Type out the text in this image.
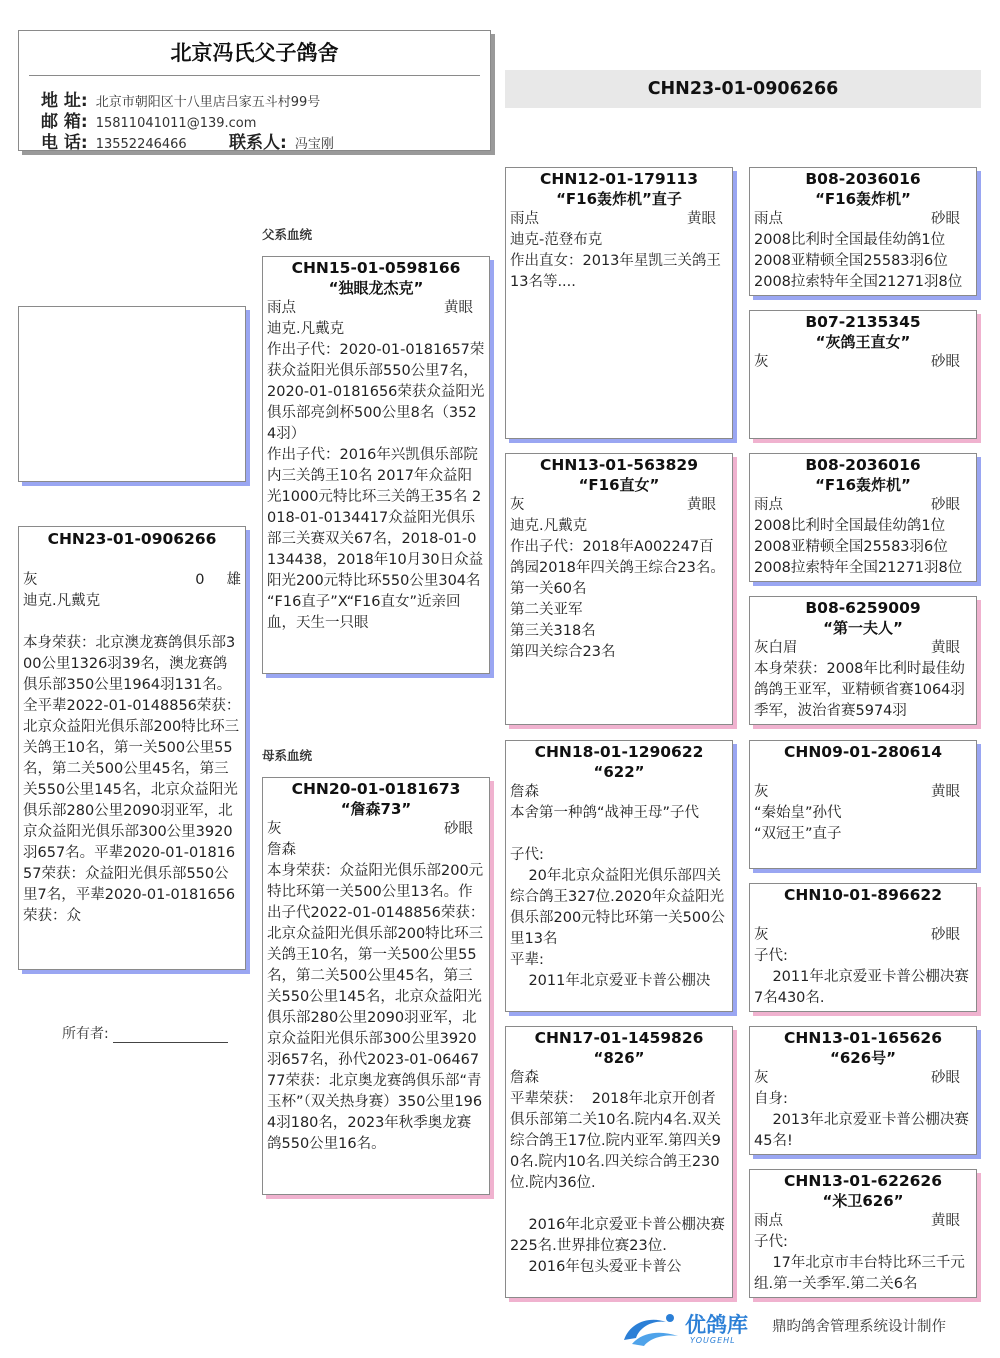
北京冯氏父子鸽舍
地 址: 北京市朝阳区十八里店吕家五斗村99号
邮 箱: 15811041011@139.com
电 话: 13552246466 联系人: 冯宝刚
CHN23-01-0906266
CHN23-01-0906266
灰	0 雄
迪克.凡戴克

本身荣获：北京澳龙赛鸽俱乐部300公里1326羽39名，澳龙赛鸽俱乐部350公里1964羽131名。
全平辈2022-01-0148856荣获：北京众益阳光俱乐部200特比环三关鸽王10名，第一关500公里55名，第二关500公里45名，第三关550公里145名，北京众益阳光俱乐部280公里2090羽亚军，北京众益阳光俱乐部300公里3920羽657名。平辈2020-01-0181657荣获：众益阳光俱乐部550公里7名，平辈2020-01-0181656荣获：众
父系血统
母系血统
所有者:
CHN15-01-0598166
“独眼龙杰克”
雨点	黄眼
迪克.凡戴克
作出子代：2020-01-0181657荣获众益阳光俱乐部550公里7名，2020-01-0181656荣获众益阳光俱乐部亮剑杯500公里8名（3524羽）
作出子代：2016年兴凯俱乐部院内三关鸽王10名 2017年众益阳光1000元特比环三关鸽王35名 2018-01-0134417众益阳光俱乐部三关赛双关67名，2018-01-0134438，2018年10月30日众益阳光200元特比环550公里304名
“F16直子”X“F16直女”近亲回血，天生一只眼
CHN20-01-0181673
“詹森73”
灰	砂眼
詹森
本身荣获：众益阳光俱乐部200元特比环第一关500公里13名。作出子代2022-01-0148856荣获：北京众益阳光俱乐部200特比环三关鸽王10名，第一关500公里55名，第二关500公里45名，第三关550公里145名，北京众益阳光俱乐部280公里2090羽亚军，北京众益阳光俱乐部300公里3920羽657名，孙代2023-01-0646777荣获：北京奥龙赛鸽俱乐部“青玉杯”（双关热身赛）350公里1964羽180名，2023年秋季奥龙赛鸽550公里16名。
CHN12-01-179113
“F16轰炸机”直子
雨点	黄眼
迪克-范登布克
作出直女：2013年星凯三关鸽王13名等....
CHN13-01-563829
“F16直女”
灰	黄眼
迪克.凡戴克
作出子代：2018年A002247百鸽园2018年四关鸽王综合23名。
第一关60名
第二关亚军
第三关318名
第四关综合23名
CHN18-01-1290622
“622”
詹森
本舍第一种鸽“战神王母”子代

子代:
20年北京众益阳光俱乐部四关综合鸽王327位.2020年众益阳光俱乐部200元特比环第一关500公里13名
平辈:
2011年北京爱亚卡普公棚决
CHN17-01-1459826
“826”
詹森
平辈荣获：  2018年北京开创者俱乐部第二关10名.院内4名.双关综合鸽王17位.院内亚军.第四关90名.院内10名.四关综合鸽王230位.院内36位.

2016年北京爱亚卡普公棚决赛225名.世界排位赛23位.
2016年包头爱亚卡普公
B08-2036016
“F16轰炸机”
雨点	砂眼
2008比利时全国最佳幼鸽1位
2008亚精顿全国25583羽6位
2008拉索特年全国21271羽8位
B07-2135345
“灰鸽王直女”
灰	砂眼
B08-2036016
“F16轰炸机”
雨点	砂眼
2008比利时全国最佳幼鸽1位
2008亚精顿全国25583羽6位
2008拉索特年全国21271羽8位
B08-6259009
“第一夫人”
灰白眉	黄眼
本身荣获：2008年比利时最佳幼鸽鸽王亚军，亚精顿省赛1064羽季军，波治省赛5974羽
CHN09-01-280614
灰	黄眼
“秦始皇”孙代
“双冠王”直子
CHN10-01-896622
灰	砂眼
子代:
2011年北京爱亚卡普公棚决赛7名430名.
CHN13-01-165626
“626号”
灰	砂眼
自身:
2013年北京爱亚卡普公棚决赛45名!
CHN13-01-622626
“米卫626”
雨点	黄眼
子代:
17年北京市丰台特比环三千元组.第一关季军.第二关6名
优鸽库
YOUGEHL
鼎昀鸽舍管理系统设计制作
